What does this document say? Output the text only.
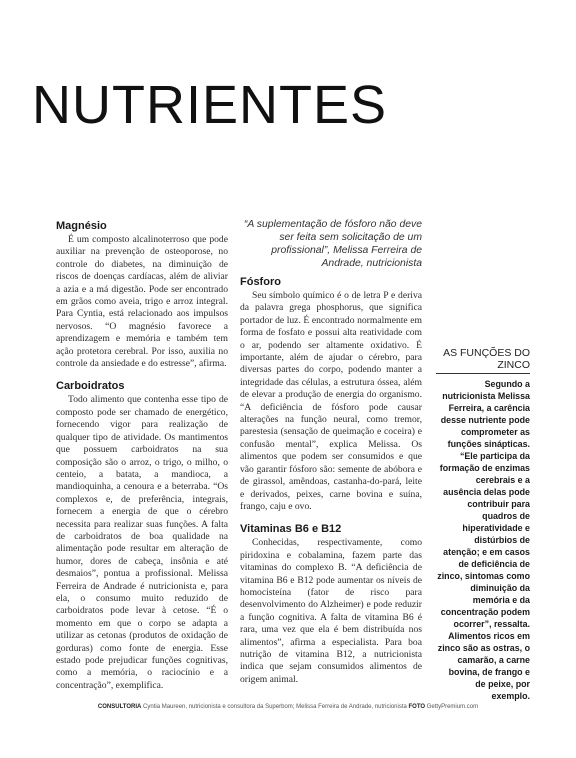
NUTRIENTES
Magnésio

É um composto alcalinoterroso que pode auxiliar na prevenção de osteoporose, no controle do diabetes, na diminuição de riscos de doenças cardíacas, além de aliviar a azia e a má digestão. Pode ser encontrado em grãos como aveia, trigo e arroz integral. Para Cyntia, está relacionado aos impulsos nervosos. “O magnésio favorece a aprendizagem e memória e também tem ação protetora cerebral. Por isso, auxilia no controle da ansiedade e do estresse”, afirma.

Carboidratos

Todo alimento que contenha esse tipo de composto pode ser chamado de energético, fornecendo vigor para realização de qualquer tipo de atividade. Os mantimentos que possuem carboidratos na sua composição são o arroz, o trigo, o milho, o centeio, a batata, a mandioca, a mandioquinha, a cenoura e a beterraba. “Os complexos e, de preferência, integrais, fornecem a energia de que o cérebro necessita para realizar suas funções. A falta de carboidratos de boa qualidade na alimentação pode resultar em alteração de humor, dores de cabeça, insônia e até desmaios”, pontua a profissional. Melissa Ferreira de Andrade é nutricionista e, para ela, o consumo muito reduzido de carboidratos pode levar à cetose. “É o momento em que o corpo se adapta a utilizar as cetonas (produtos de oxidação de gorduras) como fonte de energia. Esse estado pode prejudicar funções cognitivas, como a memória, o raciocínio e a concentração”, exemplifica.

“A suplementação de fósforo não deve ser feita sem solicitação de um profissional”, Melissa Ferreira de Andrade, nutricionista
Fósforo

Seu símbolo químico é o de letra P e deriva da palavra grega phosphorus, que significa portador de luz. É encontrado normalmente em forma de fosfato e possui alta reatividade com o ar, podendo ser altamente oxidativo. É importante, além de ajudar o cérebro, para diversas partes do corpo, podendo manter a integridade das células, a estrutura óssea, além de elevar a produção de energia do organismo. “A deficiência de fósforo pode causar alterações na função neural, como tremor, parestesia (sensação de queimação e coceira) e confusão mental”, explica Melissa. Os alimentos que podem ser consumidos e que vão garantir fósforo são: semente de abóbora e de girassol, amêndoas, castanha-do-pará, leite e derivados, peixes, carne bovina e suína, frango, caju e ovo.

Vitaminas B6 e B12

Conhecidas, respectivamente, como piridoxina e cobalamina, fazem parte das vitaminas do complexo B. “A deficiência de vitamina B6 e B12 pode aumentar os níveis de homocisteína (fator de risco para desenvolvimento do Alzheimer) e pode reduzir a função cognitiva. A falta de vitamina B6 é rara, uma vez que ela é bem distribuída nos alimentos”, afirma a especialista. Para boa nutrição de vitamina B12, a nutricionista indica que sejam consumidos alimentos de origem animal.

AS FUNÇÕES DO ZINCO
Segundo a nutricionista Melissa Ferreira, a carência desse nutriente pode comprometer as funções sinápticas. “Ele participa da formação de enzimas cerebrais e a ausência delas pode contribuir para quadros de hiperatividade e distúrbios de atenção; e em casos de deficiência de zinco, sintomas como diminuição da memória e da concentração podem ocorrer”, ressalta. Alimentos ricos em zinco são as ostras, o camarão, a carne bovina, de frango e de peixe, por exemplo.
CONSULTORIA Cyntia Maureen, nutricionista e consultora da Superbom; Melissa Ferreira de Andrade, nutricionista FOTO GettyPremium.com
